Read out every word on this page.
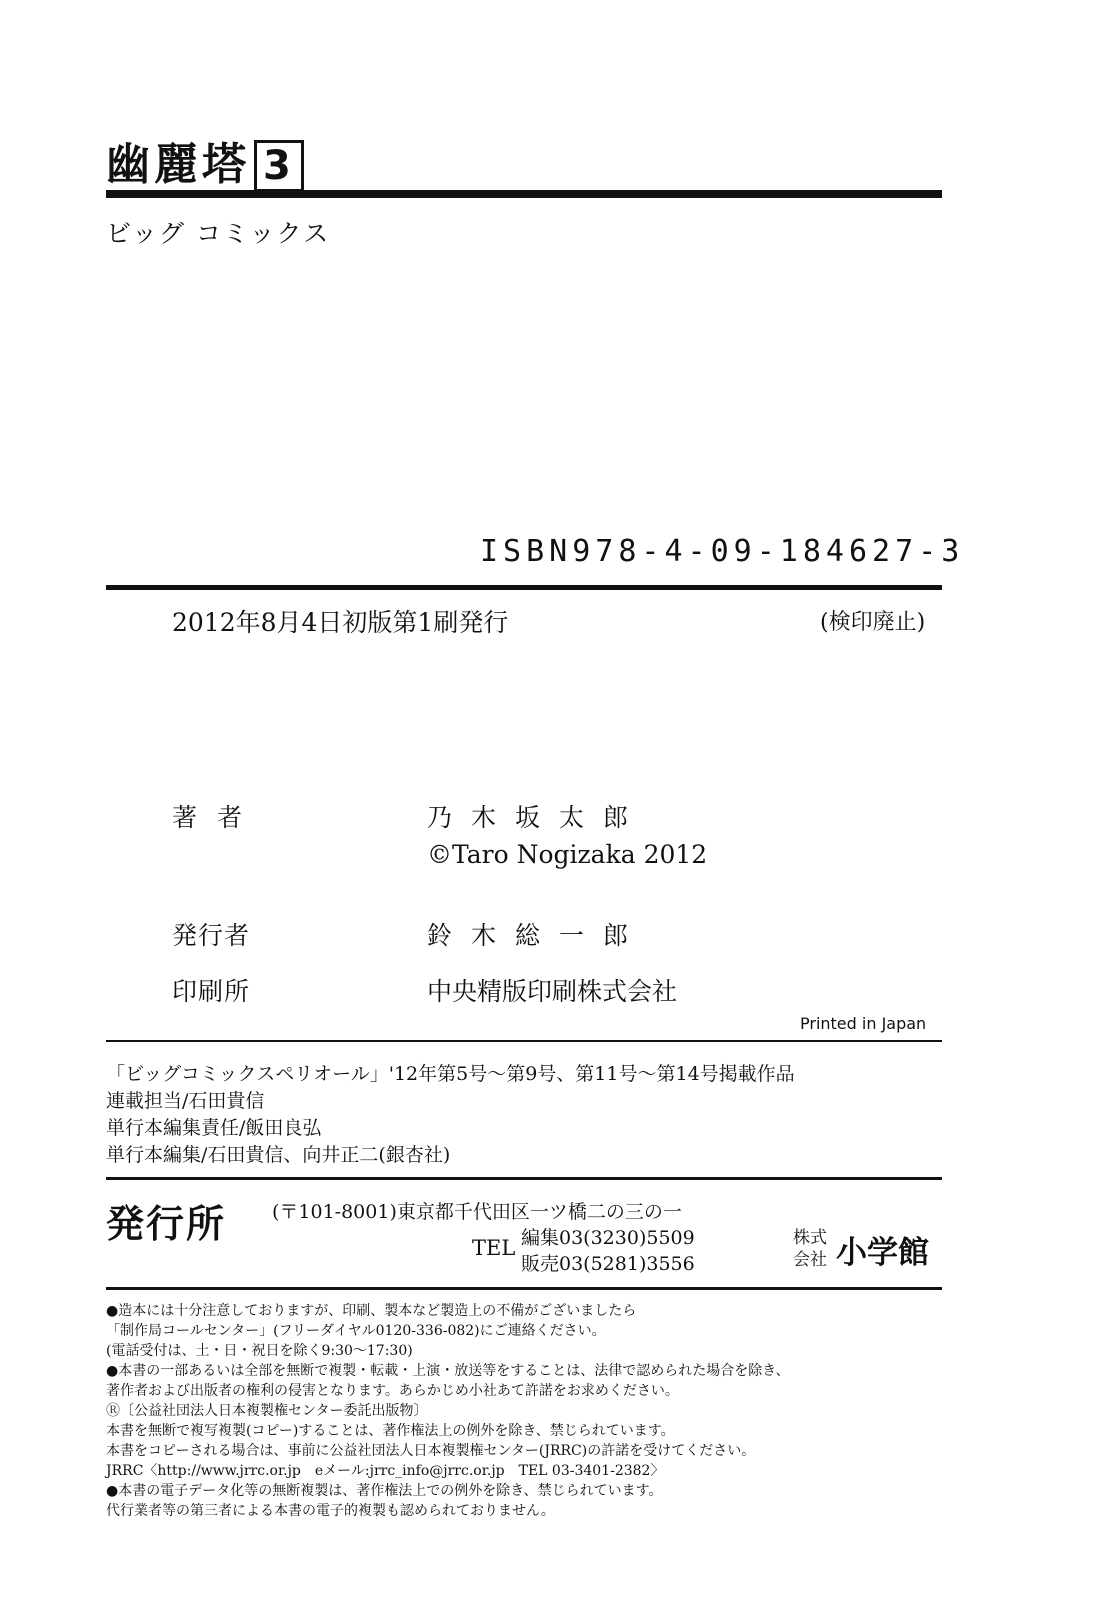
幽麗塔 3
ビッグ コミックス
ISBN978-4-09-184627-3
2012年8月4日初版第1刷発行	(検印廃止)
著 者	乃木坂太郎
©Taro Nogizaka 2012
発行者	鈴木総一郎
印刷所	中央精版印刷株式会社
Printed in Japan
「ビッグコミックスペリオール」'12年第5号～第9号、第11号～第14号掲載作品
連載担当/石田貴信
単行本編集責任/飯田良弘
単行本編集/石田貴信、向井正二(銀杏社)
発行所 (〒101-8001)東京都千代田区一ツ橋二の三の一
TEL 編集03(3230)5509
販売03(5281)3556
株式
会社 小学館
●造本には十分注意しておりますが、印刷、製本など製造上の不備がございましたら
「制作局コールセンター」(フリーダイヤル0120-336-082)にご連絡ください。
(電話受付は、土・日・祝日を除く9:30～17:30)
●本書の一部あるいは全部を無断で複製・転載・上演・放送等をすることは、法律で認められた場合を除き、
著作者および出版者の権利の侵害となります。あらかじめ小社あて許諾をお求めください。
Ⓡ〔公益社団法人日本複製権センター委託出版物〕
本書を無断で複写複製(コピー)することは、著作権法上の例外を除き、禁じられています。
本書をコピーされる場合は、事前に公益社団法人日本複製権センター(JRRC)の許諾を受けてください。
JRRC〈http://www.jrrc.or.jp　eメール:jrrc_info@jrrc.or.jp　TEL 03-3401-2382〉
●本書の電子データ化等の無断複製は、著作権法上での例外を除き、禁じられています。
代行業者等の第三者による本書の電子的複製も認められておりません。
